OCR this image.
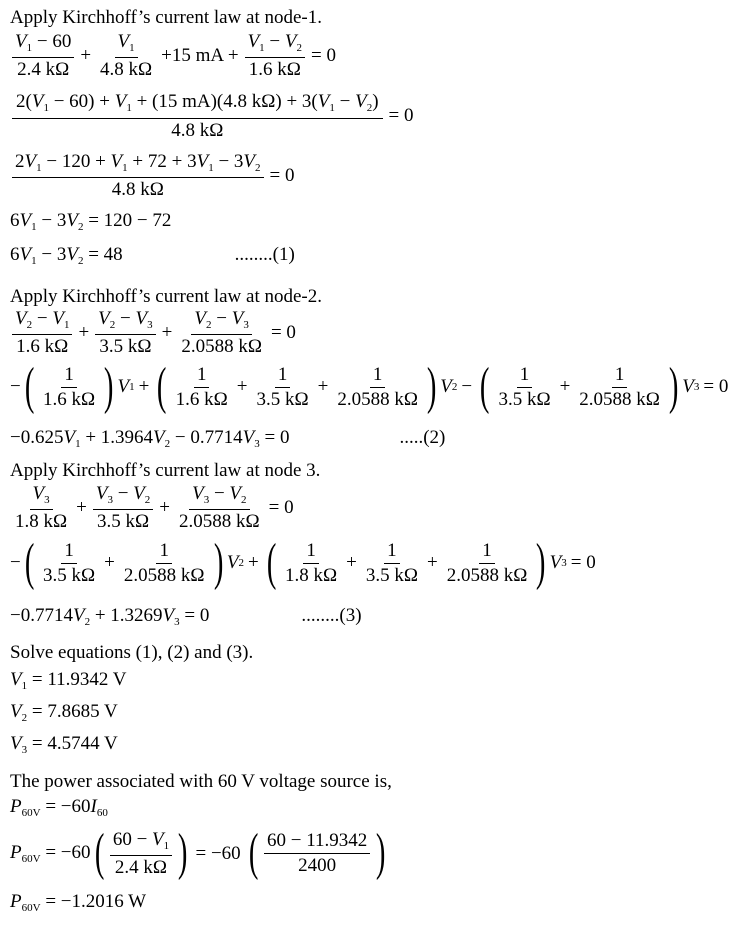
Apply Kirchhoff’s current law at node-1.
$\frac{V_1 - 60}{2.4 k\Omega} + \frac{V_1}{4.8 k\Omega} +15$ mA + $\frac{V_1 - V_2}{1.6 k\Omega} = 0$
$\frac{2(V_1 - 60) + V_1 + (15 mA)(4.8 k\Omega) + 3(V_1 - V_2)}{4.8 k\Omega} = 0$
$\frac{2V_1 - 120 + V_1 + 72 + 3V_1 - 3V_2}{4.8 k\Omega} = 0$
$6V_1 - 3V_2 = 120 - 72$
$6V_1 - 3V_2 = 48$	........(1)
Apply Kirchhoff’s current law at node-2.
$\frac{V_2 - V_1}{1.6 k\Omega} + \frac{V_2 - V_3}{3.5 k\Omega} + \frac{V_2 - V_3}{2.0588 k\Omega} = 0$
− ( $\frac{1}{1.6 k\Omega}$ ) V 1 + ( $\frac{1}{1.6 k\Omega} + \frac{1}{3.5 k\Omega} + \frac{1}{2.0588 k\Omega}$ ) V 2 − ( $\frac{1}{3.5 k\Omega} + \frac{1}{2.0588 k\Omega}$ ) V 3 = 0
$-0.625V_1 + 1.3964V_2 - 0.7714V_3 = 0$	.....(2)
Apply Kirchhoff’s current law at node 3.
$\frac{V_3}{1.8 k\Omega} + \frac{V_3 - V_2}{3.5 k\Omega} + \frac{V_3 - V_2}{2.0588 k\Omega} = 0$
− ( $\frac{1}{3.5 k\Omega} + \frac{1}{2.0588 k\Omega}$ ) V 2 + ( $\frac{1}{1.8 k\Omega} + \frac{1}{3.5 k\Omega} + \frac{1}{2.0588 k\Omega}$ ) V 3 = 0
$-0.7714V_2 + 1.3269V_3 = 0$	........(3)
Solve equations (1), (2) and (3).
$V_1 = 11.9342$ V
$V_2 = 7.8685$ V
$V_3 = 4.5744$ V
The power associated with 60 V voltage source is,
$P_{60V} = -60I_{60}$
$P_{60V} = -60$ ( $\frac{60 - V_1}{2.4 k\Omega}$ ) = −60 ( $\frac{60 - 11.9342}{2400}$ )
$P_{60V} = -1.2016$ W
